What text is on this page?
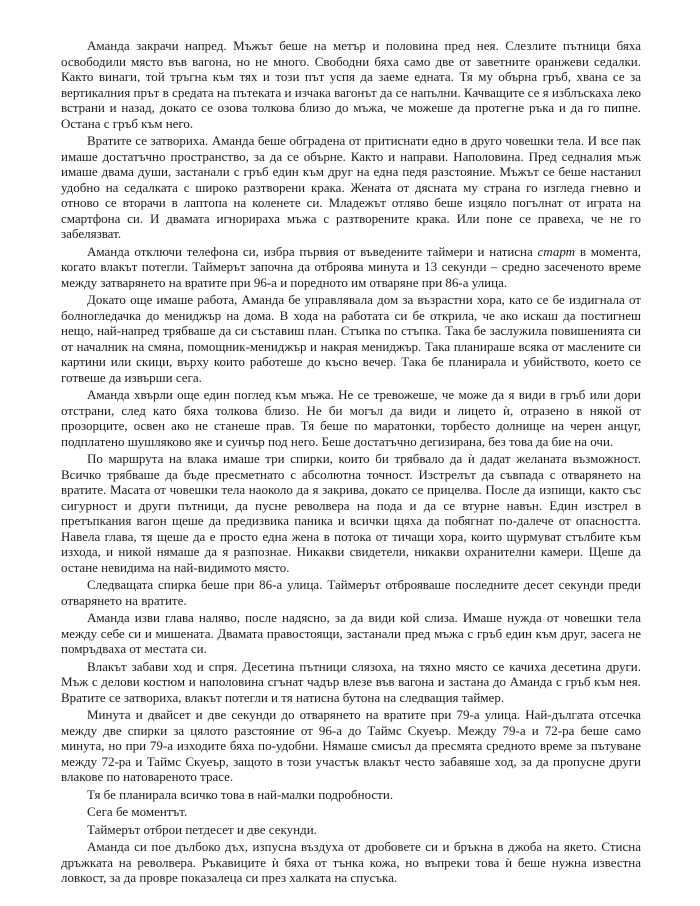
Аманда закрачи напред. Мъжът беше на метър и половина пред нея. Слезлите пътници бяха освободили място във вагона, но не много. Свободни бяха само две от заветните оранжеви седалки. Както винаги, той тръгна към тях и този път успя да заеме едната. Тя му обърна гръб, хвана се за вертикалния прът в средата на пътеката и изчака вагонът да се напълни. Качващите се я изблъскаха леко встрани и назад, докато се озова толкова близо до мъжа, че можеше да протегне ръка и да го пипне. Остана с гръб към него.

Вратите се затвориха. Аманда беше обградена от притиснати едно в друго човешки тела. И все пак имаше достатъчно пространство, за да се обърне. Както и направи. Наполовина. Пред седналия мъж имаше двама души, застанали с гръб един към друг на една педя разстояние. Мъжът се беше настанил удобно на седалката с широко разтворени крака. Жената от дясната му страна го изгледа гневно и отново се вторачи в лаптопа на коленете си. Младежът отляво беше изцяло погълнат от играта на смартфона си. И двамата игнорираха мъжа с разтворените крака. Или поне се правеха, че не го забелязват.

Аманда отключи телефона си, избра първия от въведените таймери и натисна старт в момента, когато влакът потегли. Таймерът започна да отброява минута и 13 секунди – средно засеченото време между затварянето на вратите при 96-а и поредното им отваряне при 86-а улица.

Докато още имаше работа, Аманда бе управлявала дом за възрастни хора, като се бе издигнала от болногледачка до мениджър на дома. В хода на работата си бе открила, че ако искаш да постигнеш нещо, най-напред трябваше да си съставиш план. Стъпка по стъпка. Така бе заслужила повишенията си от началник на смяна, помощник-мениджър и накрая мениджър. Така планираше всяка от маслените си картини или скици, върху които работеше до късно вечер. Така бе планирала и убийството, което се готвеше да извърши сега.

Аманда хвърли още един поглед към мъжа. Не се тревожеше, че може да я види в гръб или дори отстрани, след като бяха толкова близо. Не би могъл да види и лицето ѝ, отразено в някой от прозорците, освен ако не станеше прав. Тя беше по маратонки, торбесто долнище на черен анцуг, подплатено шушляково яке и суичър под него. Беше достатъчно дегизирана, без това да бие на очи.

По маршрута на влака имаше три спирки, които би трябвало да ѝ дадат желаната възможност. Всичко трябваше да бъде пресметнато с абсолютна точност. Изстрелът да съвпада с отварянето на вратите. Масата от човешки тела наоколо да я закрива, докато се прицелва. После да изпищи, както със сигурност и други пътници, да пусне револвера на пода и да се втурне навън. Един изстрел в претъпкания вагон щеше да предизвика паника и всички щяха да побягнат по-далече от опасността. Навела глава, тя щеше да е просто една жена в потока от тичащи хора, които щурмуват стълбите към изхода, и никой нямаше да я разпознае. Никакви свидетели, никакви охранителни камери. Щеше да остане невидима на най-видимото място.

Следващата спирка беше при 86-а улица. Таймерът отброяваше последните десет секунди преди отварянето на вратите.

Аманда изви глава наляво, после надясно, за да види кой слиза. Имаше нужда от човешки тела между себе си и мишената. Двамата правостоящи, застанали пред мъжа с гръб един към друг, засега не помръдваха от местата си.

Влакът забави ход и спря. Десетина пътници слязоха, на тяхно място се качиха десетина други. Мъж с делови костюм и наполовина сгънат чадър влезе във вагона и застана до Аманда с гръб към нея. Вратите се затвориха, влакът потегли и тя натисна бутона на следващия таймер.

Минута и двайсет и две секунди до отварянето на вратите при 79-а улица. Най-дългата отсечка между две спирки за цялото разстояние от 96-а до Таймс Скуеър. Между 79-а и 72-ра беше само минута, но при 79-а изходите бяха по-удобни. Нямаше смисъл да пресмята средното време за пътуване между 72-ра и Таймс Скуеър, защото в този участък влакът често забавяше ход, за да пропусне други влакове по натовареното трасе.

Тя бе планирала всичко това в най-малки подробности.

Сега бе моментът.

Таймерът отброи петдесет и две секунди.

Аманда си пое дълбоко дъх, изпусна въздуха от дробовете си и бръкна в джоба на якето. Стисна дръжката на револвера. Ръкавиците ѝ бяха от тънка кожа, но въпреки това ѝ беше нужна известна ловкост, за да провре показалеца си през халката на спусъка.
